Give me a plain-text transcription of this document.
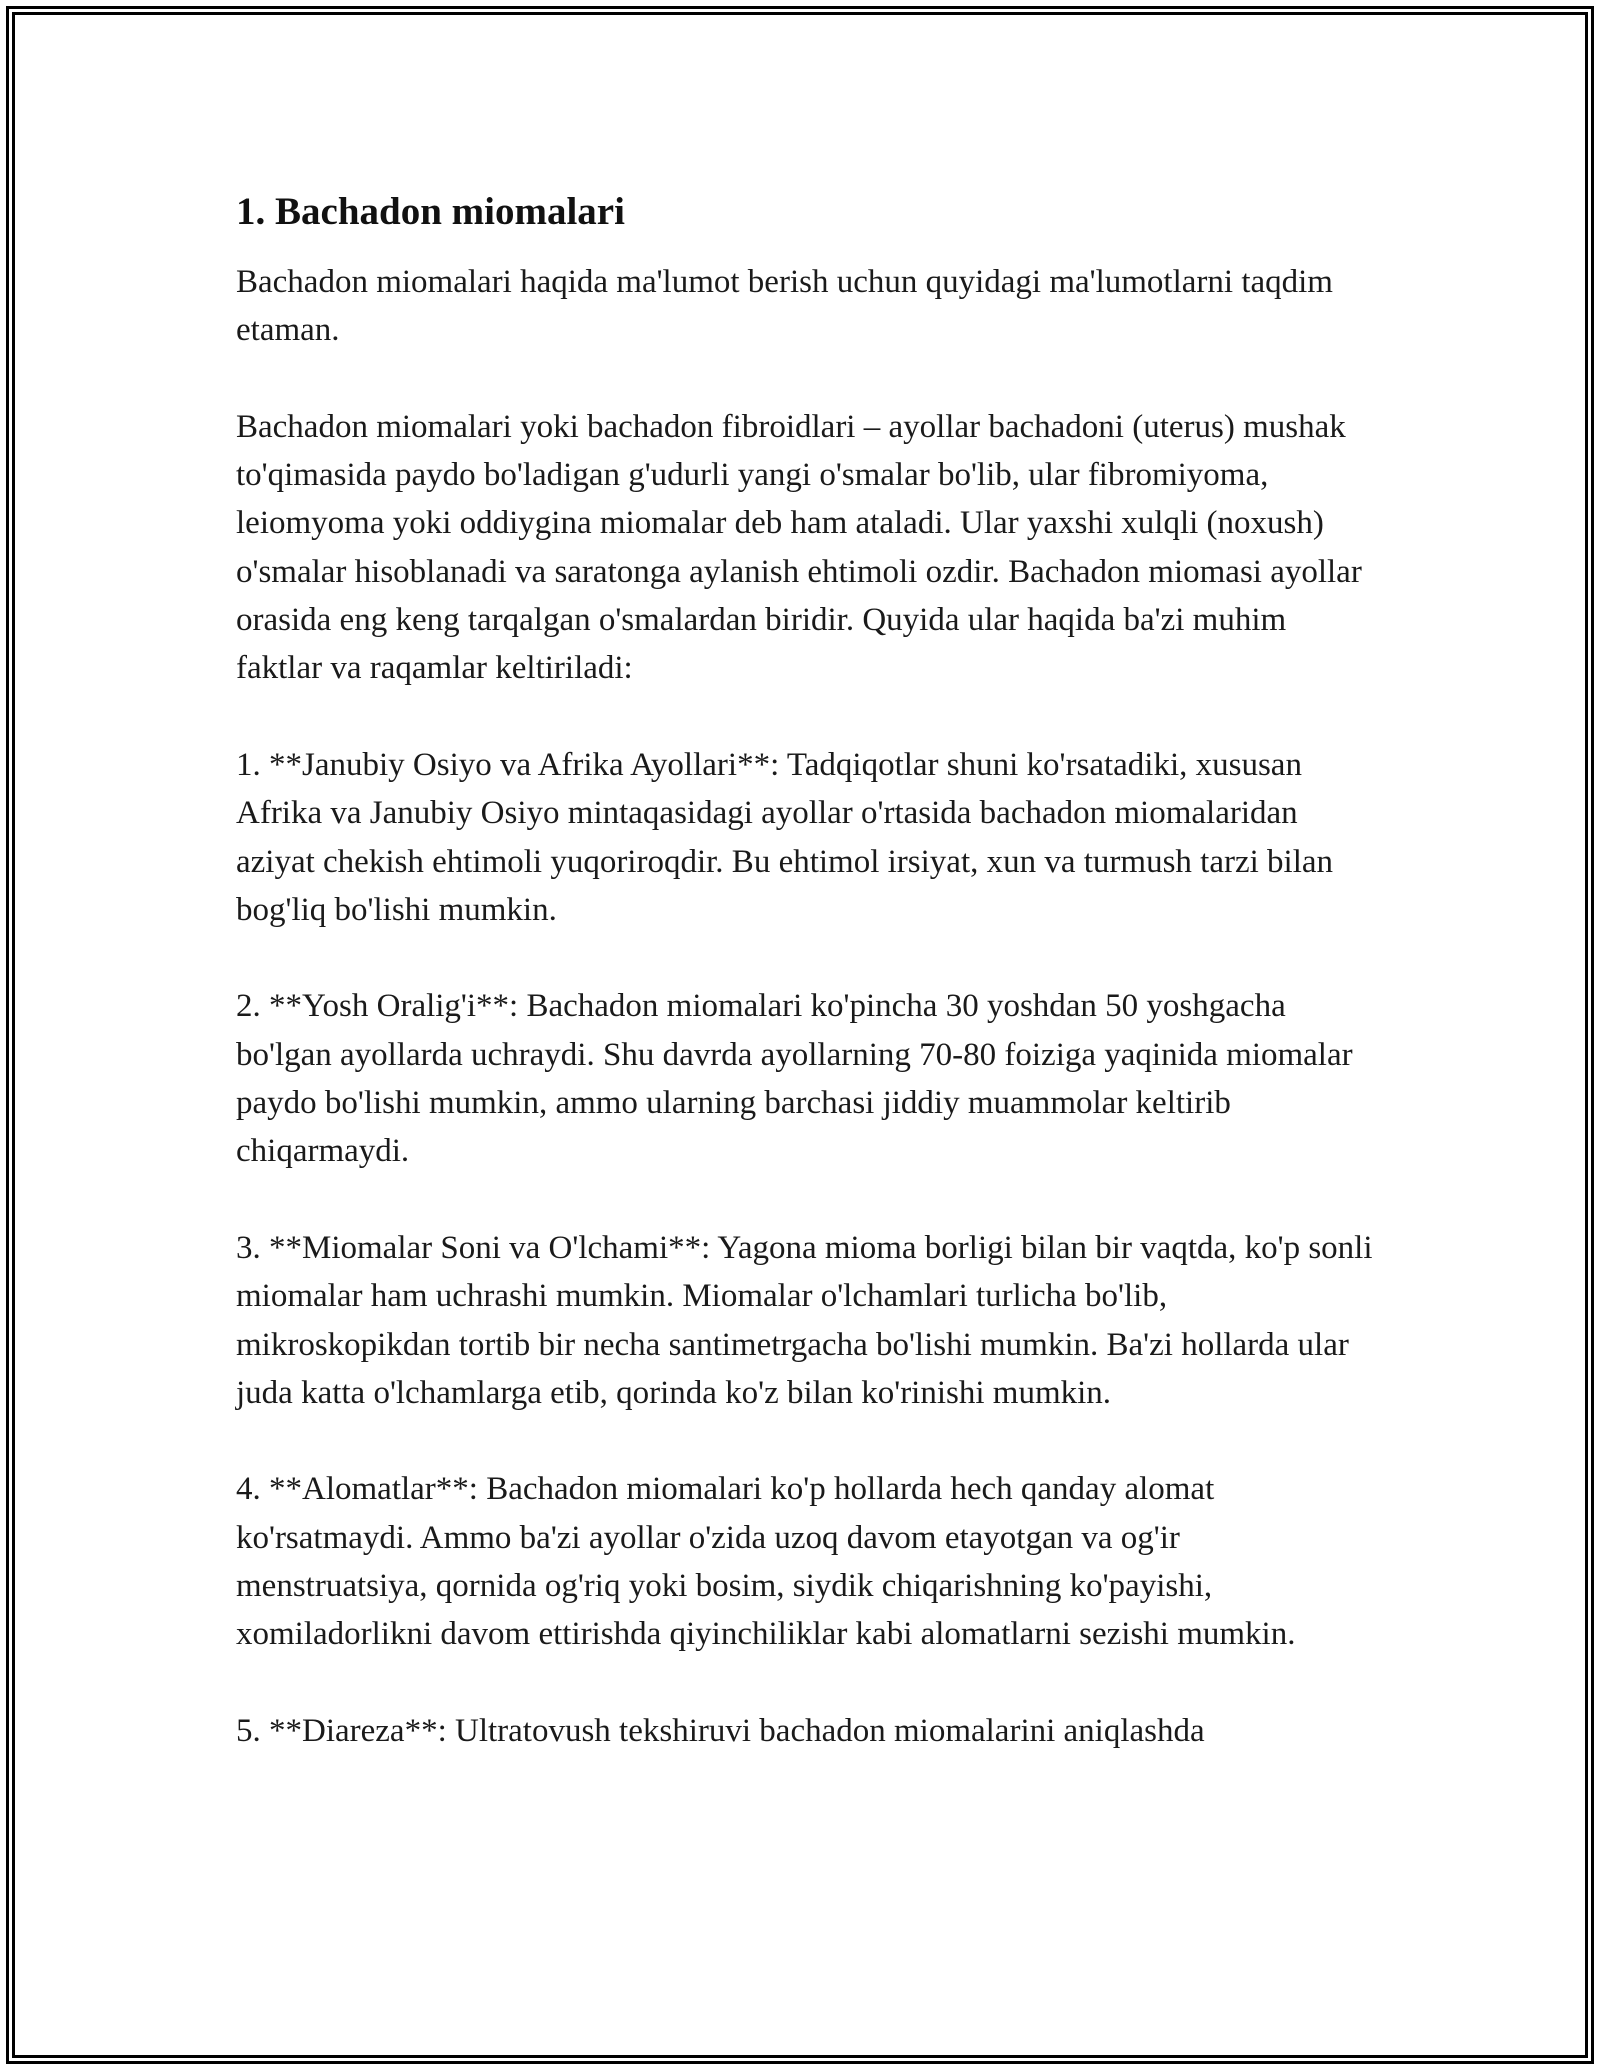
1. Bachadon miomalari

Bachadon miomalari haqida ma'lumot berish uchun quyidagi ma'lumotlarni taqdim etaman.

Bachadon miomalari yoki bachadon fibroidlari – ayollar bachadoni (uterus) mushak to'qimasida paydo bo'ladigan g'udurli yangi o'smalar bo'lib, ular fibromiyoma, leiomyoma yoki oddiygina miomalar deb ham ataladi. Ular yaxshi xulqli (noxush) o'smalar hisoblanadi va saratonga aylanish ehtimoli ozdir. Bachadon miomasi ayollar orasida eng keng tarqalgan o'smalardan biridir. Quyida ular haqida ba'zi muhim faktlar va raqamlar keltiriladi:

1. **Janubiy Osiyo va Afrika Ayollari**: Tadqiqotlar shuni ko'rsatadiki, xususan Afrika va Janubiy Osiyo mintaqasidagi ayollar o'rtasida bachadon miomalaridan aziyat chekish ehtimoli yuqoriroqdir. Bu ehtimol irsiyat, xun va turmush tarzi bilan bog'liq bo'lishi mumkin.

2. **Yosh Oralig'i**: Bachadon miomalari ko'pincha 30 yoshdan 50 yoshgacha bo'lgan ayollarda uchraydi. Shu davrda ayollarning 70-80 foiziga yaqinida miomalar paydo bo'lishi mumkin, ammo ularning barchasi jiddiy muammolar keltirib chiqarmaydi.

3. **Miomalar Soni va O'lchami**: Yagona mioma borligi bilan bir vaqtda, ko'p sonli miomalar ham uchrashi mumkin. Miomalar o'lchamlari turlicha bo'lib, mikroskopikdan tortib bir necha santimetrgacha bo'lishi mumkin. Ba'zi hollarda ular juda katta o'lchamlarga etib, qorinda ko'z bilan ko'rinishi mumkin.

4. **Alomatlar**: Bachadon miomalari ko'p hollarda hech qanday alomat ko'rsatmaydi. Ammo ba'zi ayollar o'zida uzoq davom etayotgan va og'ir menstruatsiya, qornida og'riq yoki bosim, siydik chiqarishning ko'payishi, xomiladorlikni davom ettirishda qiyinchiliklar kabi alomatlarni sezishi mumkin.

5. **Diareza**: Ultratovush tekshiruvi bachadon miomalarini aniqlashda
